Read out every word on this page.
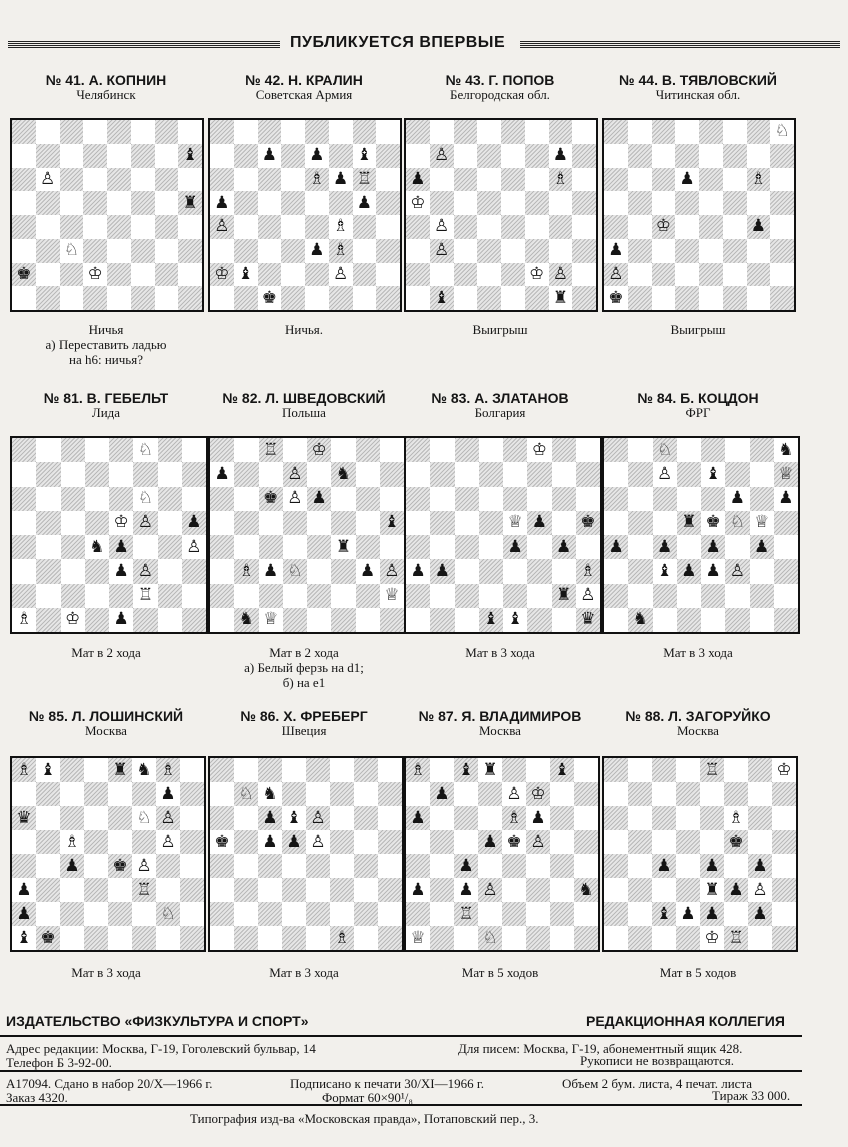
ПУБЛИКУЕТСЯ ВПЕРВЫЕ
№ 41. А. КОПНИН
Челябинск
♝
♙
♜
♘
♚	♔
Ничья
а) Переставить ладью
на h6: ничья?
№ 42. Н. КРАЛИН
Советская Армия
♟ ♟ ♝
♗ ♟ ♖
♟	♟
♙	♗
♟ ♗
♔ ♝	♙
♚
Ничья.
№ 43. Г. ПОПОВ
Белгородская обл.
♙	♟
♟	♗
♔
♙
♙
♔ ♙
♝	♜
Выигрыш
№ 44. В. ТЯВЛОВСКИЙ
Читинская обл.
♘
♟	♗
♔	♟
♟
♙
♚
Выигрыш
№ 81. В. ГЕБЕЛЬТ
Лида
♘
♘
♔ ♙ ♟
♞ ♟	♙
♟ ♙
♖
♗ ♔ ♟
Мат в 2 хода
№ 82. Л. ШВЕДОВСКИЙ
Польша
♖ ♔
♟	♙ ♞
♚ ♙ ♟
♝
♜
♗ ♟ ♘	♟ ♙
♕
♞ ♕
Мат в 2 хода
а) Белый ферзь на d1;
б) на e1
№ 83. А. ЗЛАТАНОВ
Болгария
♔
♕ ♟ ♚
♟ ♟
♟ ♟	♗
♜ ♙
♝ ♝	♛
Мат в 3 хода
№ 84. Б. КОЦДОН
ФРГ
♘	♞
♙ ♝	♕
♟ ♟
♜ ♚ ♘ ♕
♟ ♟ ♟ ♟
♝ ♟ ♟ ♙
♞
Мат в 3 хода
№ 85. Л. ЛОШИНСКИЙ
Москва
♗ ♝	♜ ♞ ♗
♟
♛	♘ ♙
♗	♙
♟ ♚ ♙
♟	♖
♟	♘
♝ ♚
Мат в 3 хода
№ 86. Х. ФРЕБЕРГ
Швеция
♘ ♞
♟ ♝ ♙
♚ ♟ ♟ ♙
♗
Мат в 3 хода
№ 87. Я. ВЛАДИМИРОВ
Москва
♗ ♝ ♜	♝
♟	♙ ♔
♟	♗ ♟
♟ ♚ ♙
♟
♟ ♟ ♙	♞
♖
♕	♘
Мат в 5 ходов
№ 88. Л. ЗАГОРУЙКО
Москва
♖	♔
♗
♚
♟ ♟ ♟
♜ ♟ ♙
♝ ♟ ♟ ♟
♔ ♖
Мат в 5 ходов
ИЗДАТЕЛЬСТВО «ФИЗКУЛЬТУРА И СПОРТ»	РЕДАКЦИОННАЯ КОЛЛЕГИЯ
Адрес редакции: Москва, Г-19, Гоголевский бульвар, 14
Телефон Б 3-92-00.
Для писем: Москва, Г-19, абонементный ящик 428.
Рукописи не возвращаются.
А17094. Сдано в набор 20/X—1966 г.
Заказ 4320.
Подписано к печати 30/XI—1966 г.
Формат 60×90¹/₈
Объем 2 бум. листа, 4 печат. листа
Тираж 33 000.
Типография изд-ва «Московская правда», Потаповский пер., 3.
